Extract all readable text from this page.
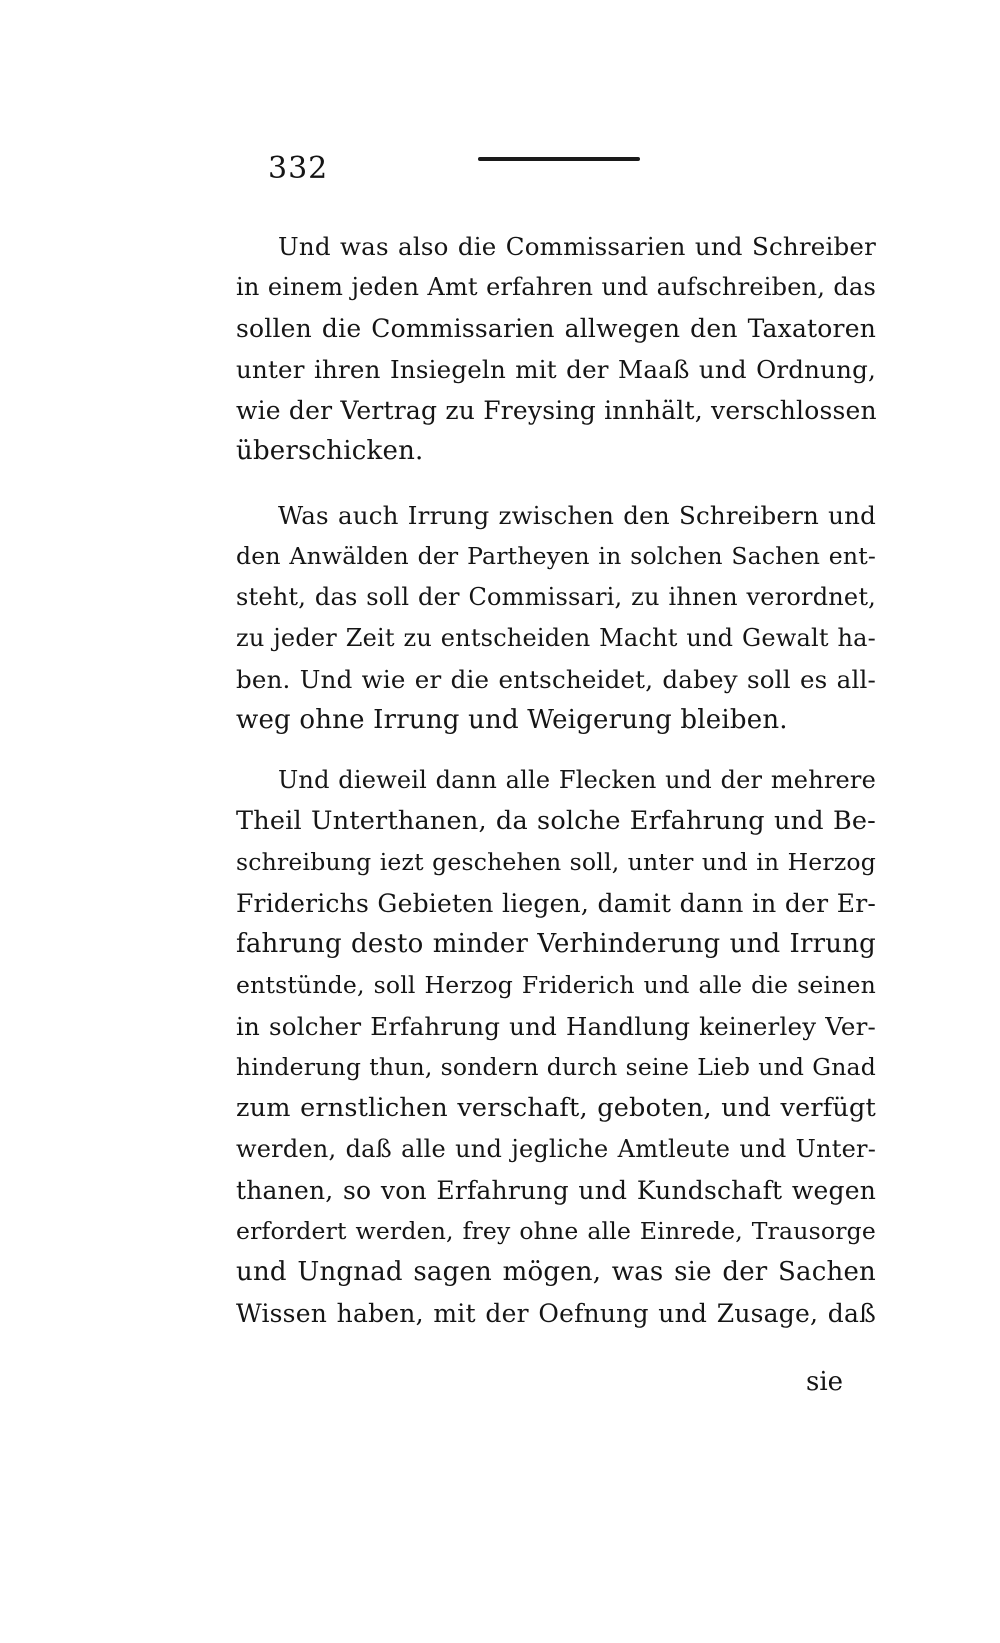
332
Und was also die Commissarien und Schreiber
in einem jeden Amt erfahren und aufschreiben, das
sollen die Commissarien allwegen den Taxatoren
unter ihren Insiegeln mit der Maaß und Ordnung,
wie der Vertrag zu Freysing innhält, verschlossen
überschicken.
Was auch Irrung zwischen den Schreibern und
den Anwälden der Partheyen in solchen Sachen ent-
steht, das soll der Commissari, zu ihnen verordnet,
zu jeder Zeit zu entscheiden Macht und Gewalt ha-
ben. Und wie er die entscheidet, dabey soll es all-
weg ohne Irrung und Weigerung bleiben.
Und dieweil dann alle Flecken und der mehrere
Theil Unterthanen, da solche Erfahrung und Be-
schreibung iezt geschehen soll, unter und in Herzog
Friderichs Gebieten liegen, damit dann in der Er-
fahrung desto minder Verhinderung und Irrung
entstünde, soll Herzog Friderich und alle die seinen
in solcher Erfahrung und Handlung keinerley Ver-
hinderung thun, sondern durch seine Lieb und Gnad
zum ernstlichen verschaft, geboten, und verfügt
werden, daß alle und jegliche Amtleute und Unter-
thanen, so von Erfahrung und Kundschaft wegen
erfordert werden, frey ohne alle Einrede, Trausorge
und Ungnad sagen mögen, was sie der Sachen
Wissen haben, mit der Oefnung und Zusage, daß
sie
